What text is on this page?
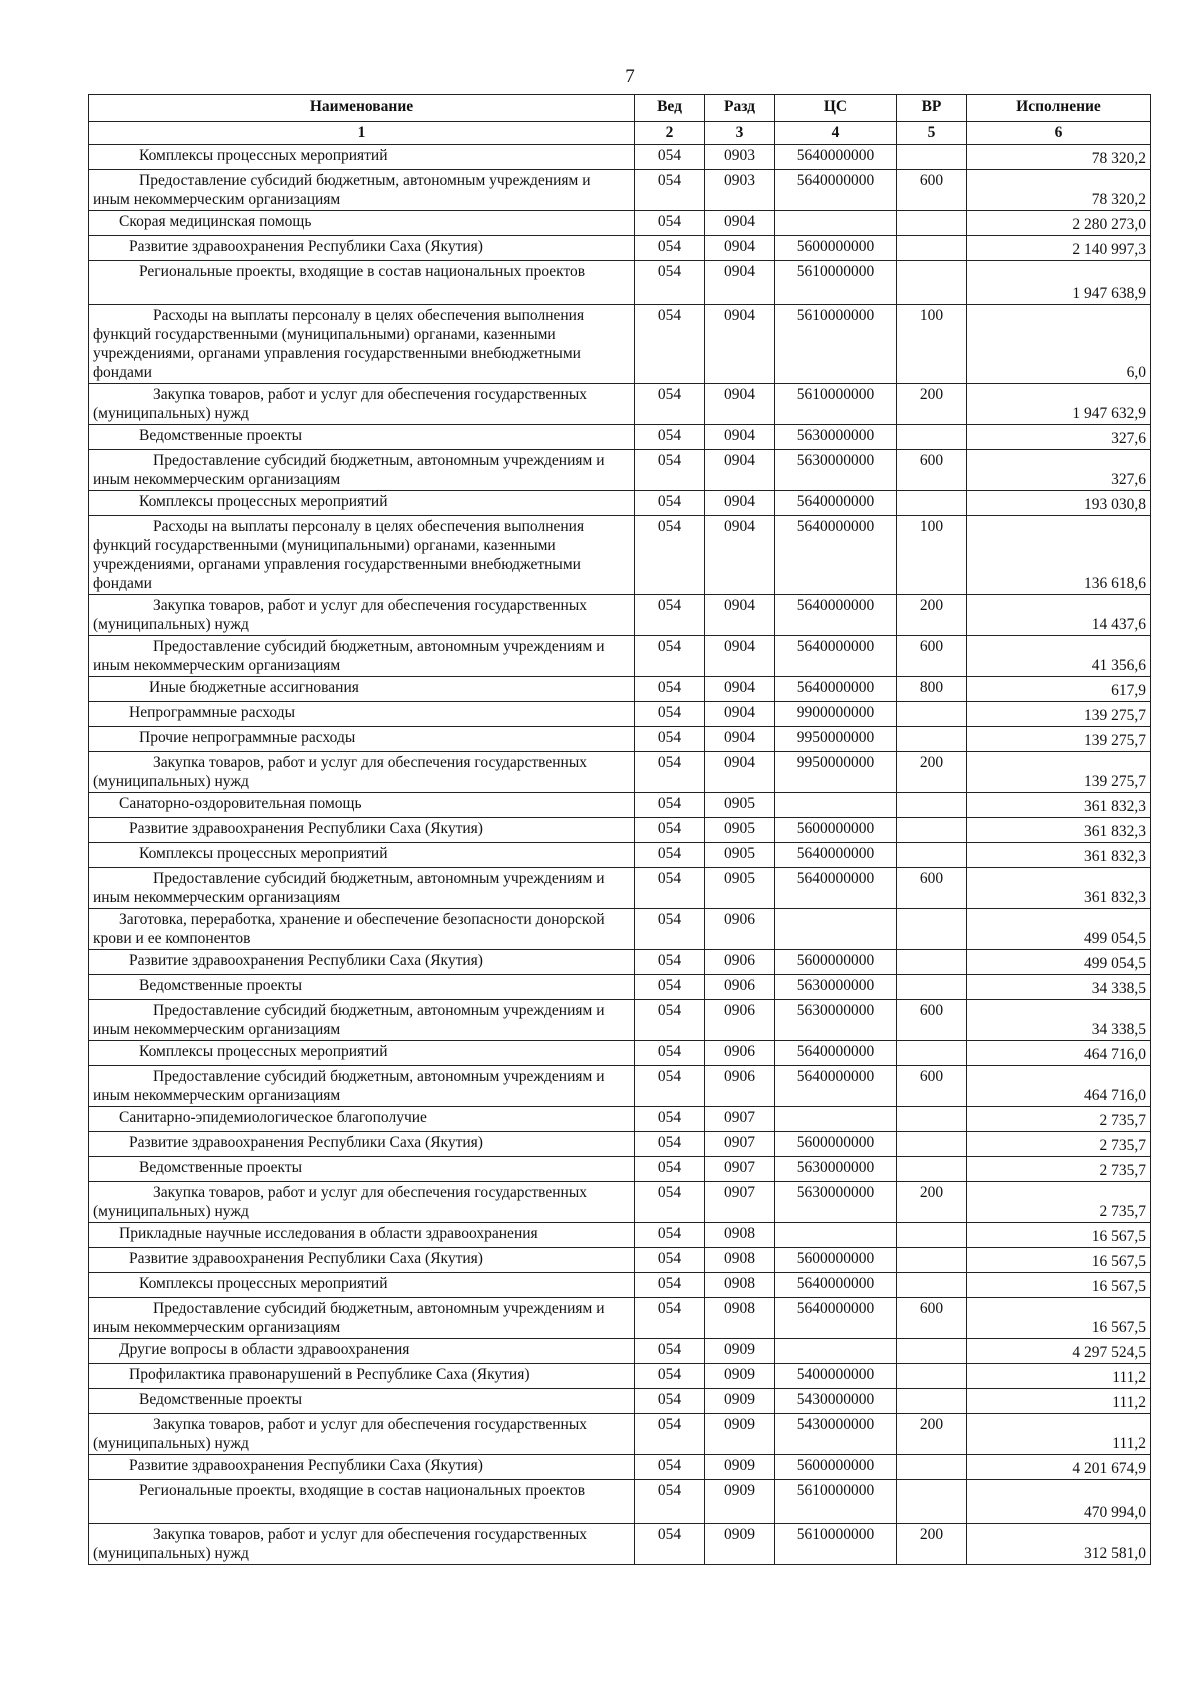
7
Наименование	Вед	Разд	ЦС	ВР	Исполнение
1	2	3	4	5	6
Комплексы процессных мероприятий	054	0903	5640000000		78 320,2
Предоставление субсидий бюджетным, автономным учреждениям и иным некоммерческим организациям	054	0903	5640000000	600	78 320,2
Скорая медицинская помощь	054	0904			2 280 273,0
Развитие здравоохранения Республики Саха (Якутия)	054	0904	5600000000		2 140 997,3
Региональные проекты, входящие в состав национальных проектов	054	0904	5610000000		1 947 638,9
Расходы на выплаты персоналу в целях обеспечения выполнения функций государственными (муниципальными) органами, казенными учреждениями, органами управления государственными внебюджетными фондами	054	0904	5610000000	100	6,0
Закупка товаров, работ и услуг для обеспечения государственных (муниципальных) нужд	054	0904	5610000000	200	1 947 632,9
Ведомственные проекты	054	0904	5630000000		327,6
Предоставление субсидий бюджетным, автономным учреждениям и иным некоммерческим организациям	054	0904	5630000000	600	327,6
Комплексы процессных мероприятий	054	0904	5640000000		193 030,8
Расходы на выплаты персоналу в целях обеспечения выполнения функций государственными (муниципальными) органами, казенными учреждениями, органами управления государственными внебюджетными фондами	054	0904	5640000000	100	136 618,6
Закупка товаров, работ и услуг для обеспечения государственных (муниципальных) нужд	054	0904	5640000000	200	14 437,6
Предоставление субсидий бюджетным, автономным учреждениям и иным некоммерческим организациям	054	0904	5640000000	600	41 356,6
Иные бюджетные ассигнования	054	0904	5640000000	800	617,9
Непрограммные расходы	054	0904	9900000000		139 275,7
Прочие непрограммные расходы	054	0904	9950000000		139 275,7
Закупка товаров, работ и услуг для обеспечения государственных (муниципальных) нужд	054	0904	9950000000	200	139 275,7
Санаторно-оздоровительная помощь	054	0905			361 832,3
Развитие здравоохранения Республики Саха (Якутия)	054	0905	5600000000		361 832,3
Комплексы процессных мероприятий	054	0905	5640000000		361 832,3
Предоставление субсидий бюджетным, автономным учреждениям и иным некоммерческим организациям	054	0905	5640000000	600	361 832,3
Заготовка, переработка, хранение и обеспечение безопасности донорской крови и ее компонентов	054	0906			499 054,5
Развитие здравоохранения Республики Саха (Якутия)	054	0906	5600000000		499 054,5
Ведомственные проекты	054	0906	5630000000		34 338,5
Предоставление субсидий бюджетным, автономным учреждениям и иным некоммерческим организациям	054	0906	5630000000	600	34 338,5
Комплексы процессных мероприятий	054	0906	5640000000		464 716,0
Предоставление субсидий бюджетным, автономным учреждениям и иным некоммерческим организациям	054	0906	5640000000	600	464 716,0
Санитарно-эпидемиологическое благополучие	054	0907			2 735,7
Развитие здравоохранения Республики Саха (Якутия)	054	0907	5600000000		2 735,7
Ведомственные проекты	054	0907	5630000000		2 735,7
Закупка товаров, работ и услуг для обеспечения государственных (муниципальных) нужд	054	0907	5630000000	200	2 735,7
Прикладные научные исследования в области здравоохранения	054	0908			16 567,5
Развитие здравоохранения Республики Саха (Якутия)	054	0908	5600000000		16 567,5
Комплексы процессных мероприятий	054	0908	5640000000		16 567,5
Предоставление субсидий бюджетным, автономным учреждениям и иным некоммерческим организациям	054	0908	5640000000	600	16 567,5
Другие вопросы в области здравоохранения	054	0909			4 297 524,5
Профилактика правонарушений в Республике Саха (Якутия)	054	0909	5400000000		111,2
Ведомственные проекты	054	0909	5430000000		111,2
Закупка товаров, работ и услуг для обеспечения государственных (муниципальных) нужд	054	0909	5430000000	200	111,2
Развитие здравоохранения Республики Саха (Якутия)	054	0909	5600000000		4 201 674,9
Региональные проекты, входящие в состав национальных проектов	054	0909	5610000000		470 994,0
Закупка товаров, работ и услуг для обеспечения государственных (муниципальных) нужд	054	0909	5610000000	200	312 581,0
